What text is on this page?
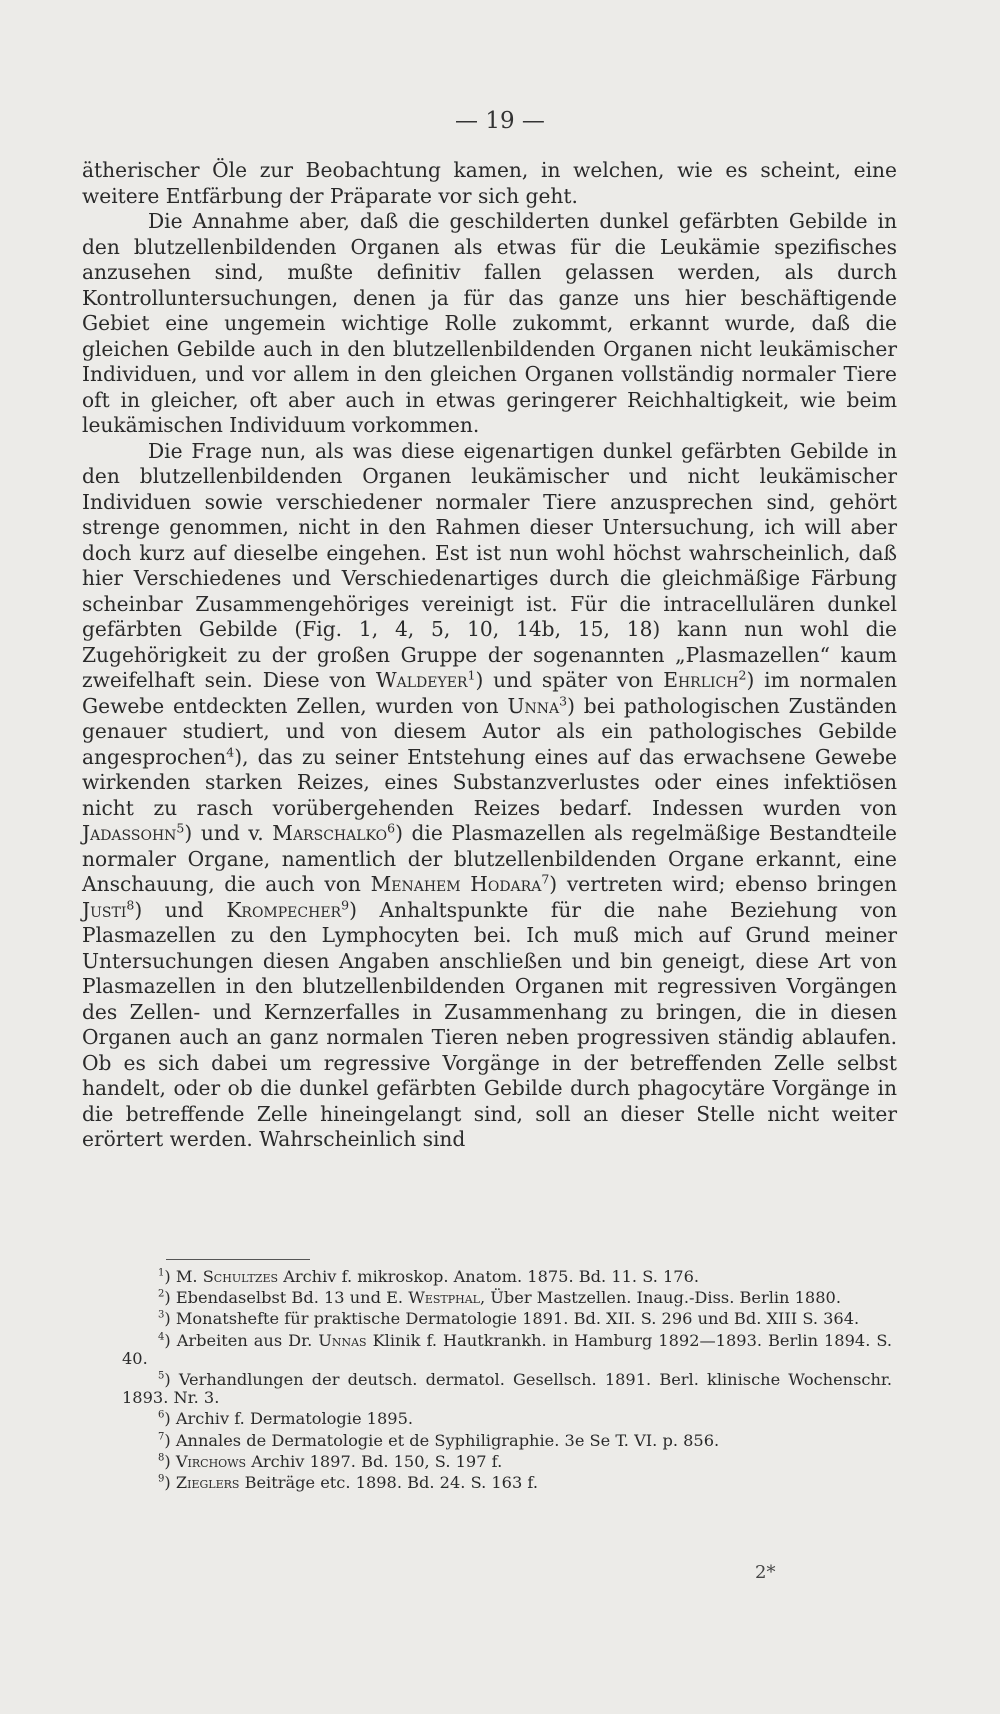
— 19 —

ätherischer Öle zur Beobachtung kamen, in welchen, wie es scheint, eine weitere Entfärbung der Präparate vor sich geht.

Die Annahme aber, daß die geschilderten dunkel gefärbten Gebilde in den blutzellenbildenden Organen als etwas für die Leukämie spezifisches anzusehen sind, mußte definitiv fallen gelassen werden, als durch Kontrolluntersuchungen, denen ja für das ganze uns hier beschäftigende Gebiet eine ungemein wichtige Rolle zukommt, erkannt wurde, daß die gleichen Gebilde auch in den blutzellenbildenden Organen nicht leukämischer Individuen, und vor allem in den gleichen Organen vollständig normaler Tiere oft in gleicher, oft aber auch in etwas geringerer Reichhaltigkeit, wie beim leukämischen Individuum vorkommen.

Die Frage nun, als was diese eigenartigen dunkel gefärbten Gebilde in den blutzellenbildenden Organen leukämischer und nicht leukämischer Individuen sowie verschiedener normaler Tiere anzusprechen sind, gehört strenge genommen, nicht in den Rahmen dieser Untersuchung, ich will aber doch kurz auf dieselbe eingehen. Est ist nun wohl höchst wahrscheinlich, daß hier Verschiedenes und Verschiedenartiges durch die gleichmäßige Färbung scheinbar Zusammengehöriges vereinigt ist. Für die intracellulären dunkel gefärbten Gebilde (Fig. 1, 4, 5, 10, 14b, 15, 18) kann nun wohl die Zugehörigkeit zu der großen Gruppe der sogenannten „Plasmazellen“ kaum zweifelhaft sein. Diese von Waldeyer$^1$) und später von Ehrlich$^2$) im normalen Gewebe entdeckten Zellen, wurden von Unna$^3$) bei pathologischen Zuständen genauer studiert, und von diesem Autor als ein pathologisches Gebilde angesprochen$^4$), das zu seiner Entstehung eines auf das erwachsene Gewebe wirkenden starken Reizes, eines Substanzverlustes oder eines infektiösen nicht zu rasch vorübergehenden Reizes bedarf. Indessen wurden von Jadassohn$^5$) und v. Marschalko$^6$) die Plasmazellen als regelmäßige Bestandteile normaler Organe, namentlich der blutzellenbildenden Organe erkannt, eine Anschauung, die auch von Menahem Hodara$^7$) vertreten wird; ebenso bringen Justi$^8$) und Krompecher$^9$) Anhaltspunkte für die nahe Beziehung von Plasmazellen zu den Lymphocyten bei. Ich muß mich auf Grund meiner Untersuchungen diesen Angaben anschließen und bin geneigt, diese Art von Plasmazellen in den blutzellenbildenden Organen mit regressiven Vorgängen des Zellen- und Kernzerfalles in Zusammenhang zu bringen, die in diesen Organen auch an ganz normalen Tieren neben progressiven ständig ablaufen. Ob es sich dabei um regressive Vorgänge in der betreffenden Zelle selbst handelt, oder ob die dunkel gefärbten Gebilde durch phagocytäre Vorgänge in die betreffende Zelle hineingelangt sind, soll an dieser Stelle nicht weiter erörtert werden. Wahrscheinlich sind

$^1$) M. Schultzes Archiv f. mikroskop. Anatom. 1875. Bd. 11. S. 176.

$^2$) Ebendaselbst Bd. 13 und E. Westphal, Über Mastzellen. Inaug.-Diss. Berlin 1880.

$^3$) Monatshefte für praktische Dermatologie 1891. Bd. XII. S. 296 und Bd. XIII S. 364.

$^4$) Arbeiten aus Dr. Unnas Klinik f. Hautkrankh. in Hamburg 1892—1893. Berlin 1894. S. 40.

$^5$) Verhandlungen der deutsch. dermatol. Gesellsch. 1891. Berl. klinische Wochenschr. 1893. Nr. 3.

$^6$) Archiv f. Dermatologie 1895.

$^7$) Annales de Dermatologie et de Syphiligraphie. 3e Se T. VI. p. 856.

$^8$) Virchows Archiv 1897. Bd. 150, S. 197 f.

$^9$) Zieglers Beiträge etc. 1898. Bd. 24. S. 163 f.

2*
